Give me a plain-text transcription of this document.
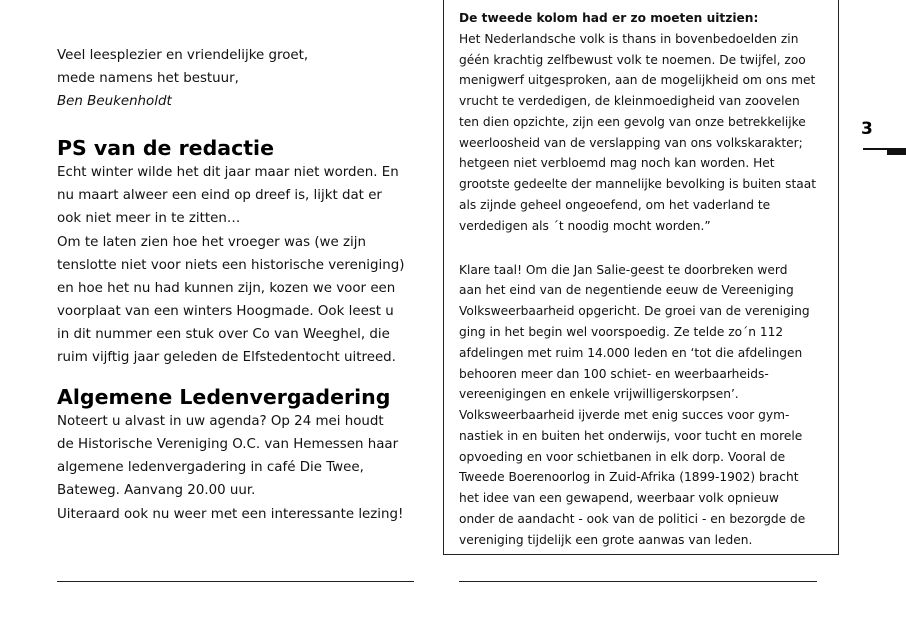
Veel leesplezier en vriendelijke groet,
mede namens het bestuur,
Ben Beukenholdt
PS van de redactie
Echt winter wilde het dit jaar maar niet worden. En
nu maart alweer een eind op dreef is, lijkt dat er
ook niet meer in te zitten…
Om te laten zien hoe het vroeger was (we zijn
tenslotte niet voor niets een historische vereniging)
en hoe het nu had kunnen zijn, kozen we voor een
voorplaat van een winters Hoogmade. Ook leest u
in dit nummer een stuk over Co van Weeghel, die
ruim vijftig jaar geleden de Elfstedentocht uitreed.
Algemene Ledenvergadering
Noteert u alvast in uw agenda? Op 24 mei houdt
de Historische Vereniging O.C. van Hemessen haar
algemene ledenvergadering in café Die Twee,
Bateweg. Aanvang 20.00 uur.
Uiteraard ook nu weer met een interessante lezing!
De tweede kolom had er zo moeten uitzien:
Het Nederlandsche volk is thans in bovenbedoelden zin
géén krachtig zelfbewust volk te noemen. De twijfel, zoo
menigwerf uitgesproken, aan de mogelijkheid om ons met
vrucht te verdedigen, de kleinmoedigheid van zoovelen
ten dien opzichte, zijn een gevolg van onze betrekkelijke
weerloosheid van de verslapping van ons volkskarakter;
hetgeen niet verbloemd mag noch kan worden. Het
grootste gedeelte der mannelijke bevolking is buiten staat
als zijnde geheel ongeoefend, om het vaderland te
verdedigen als ´t noodig mocht worden.”
Klare taal! Om die Jan Salie-geest te doorbreken werd
aan het eind van de negentiende eeuw de Vereeniging
Volksweerbaarheid opgericht. De groei van de vereniging
ging in het begin wel voorspoedig. Ze telde zo´n 112
afdelingen met ruim 14.000 leden en ‘tot die afdelingen
behooren meer dan 100 schiet- en weerbaarheids-
vereenigingen en enkele vrijwilligerskorpsen’.
Volksweerbaarheid ijverde met enig succes voor gym-
nastiek in en buiten het onderwijs, voor tucht en morele
opvoeding en voor schietbanen in elk dorp. Vooral de
Tweede Boerenoorlog in Zuid-Afrika (1899-1902) bracht
het idee van een gewapend, weerbaar volk opnieuw
onder de aandacht - ook van de politici - en bezorgde de
vereniging tijdelijk een grote aanwas van leden.
3
